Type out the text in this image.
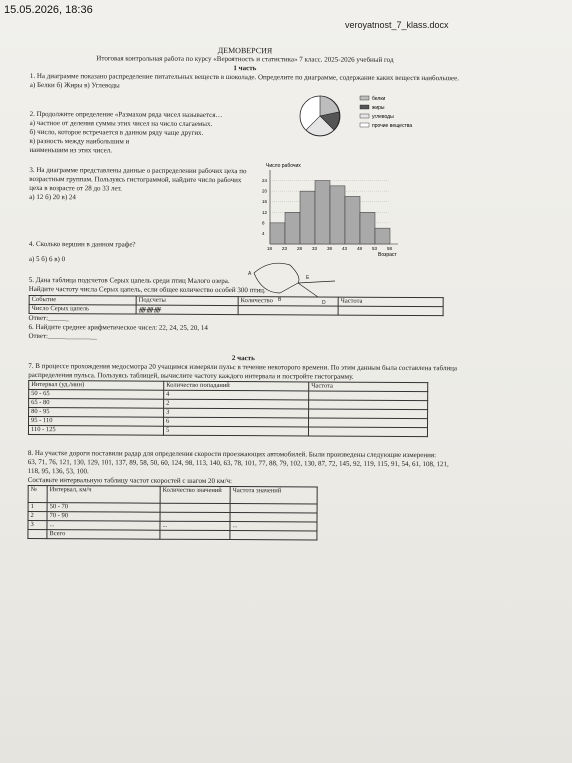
15.05.2026, 18:36
veroyatnost_7_klass.docx

ДЕМОВЕРСИЯ

Итоговая контрольная работа по курсу «Вероятность и статистика» 7 класс. 2025-2026 учебный год

1 часть

1. На диаграмме показано распределение питательных веществ в шоколаде. Определите по диаграмме, содержание каких веществ наибольшее.

а) Белки б) Жиры в) Углеводы

2. Продолжите определение «Размахом ряда чисел называется…

а) частное от деления суммы этих чисел на число слагаемых.

б) число, которое встречается в данном ряду чаще других.

в) разность между наибольшим и

наименьшим из этих чисел.

3. На диаграмме представлены данные о распределении рабочих цеха по возрастным группам. Пользуясь гистограммой, найдите число рабочих цеха в возрасте от 28 до 33 лет.

а) 12 б) 20 в) 24

4. Сколько вершин в данном графе?

а) 5 б) 6 в) 0

5. Дана таблица подсчетов Серых цапель среди птиц Малого озера.

Найдите частоту числа Серых цапель, если общее количество особей 300 птиц.

Событие	Подсчеты	Количество	Частота
Число Серых цапель	ᚎᚎᚎ		

Ответ:______

6. Найдите среднее арифметическое чисел: 22, 24, 25, 20, 14

Ответ:______________

2 часть

7. В процессе прохождения медосмотра 20 учащимся измеряли пульс в течение некоторого времени. По этим данным была составлена таблица распределения пульса. Пользуясь таблицей, вычислите частоту каждого интервала и постройте гистограмму.

Интервал (уд./мин)	Количество попаданий	Частота
50 - 65	4	
65 - 80	2	
80 - 95	3	
95 - 110	6	
110 - 125	5	

8. На участке дороги поставили радар для определения скорости проезжающих автомобилей. Были произведены следующие измерения:

63, 71, 76, 121, 130, 129, 101, 137, 89, 58, 50, 60, 124, 98, 113, 140, 63, 78, 101, 77, 88, 79, 102, 130, 87, 72, 145, 92, 119, 115, 91, 54, 61, 108, 121, 118, 95, 136, 53, 100.

Составьте интервальную таблицу частот скоростей с шагом 20 км/ч:

№	Интервал, км/ч	Количество значений	Частота значений
1	50 - 70		
2	70 - 90		
3	...	...	...
	Всего		
белки
жиры
углеводы
прочие вещества
Число рабочих
Возраст
24
20
16
12
8
4
18 23 28 33 38 43 48 53 58
A
B
E
D
